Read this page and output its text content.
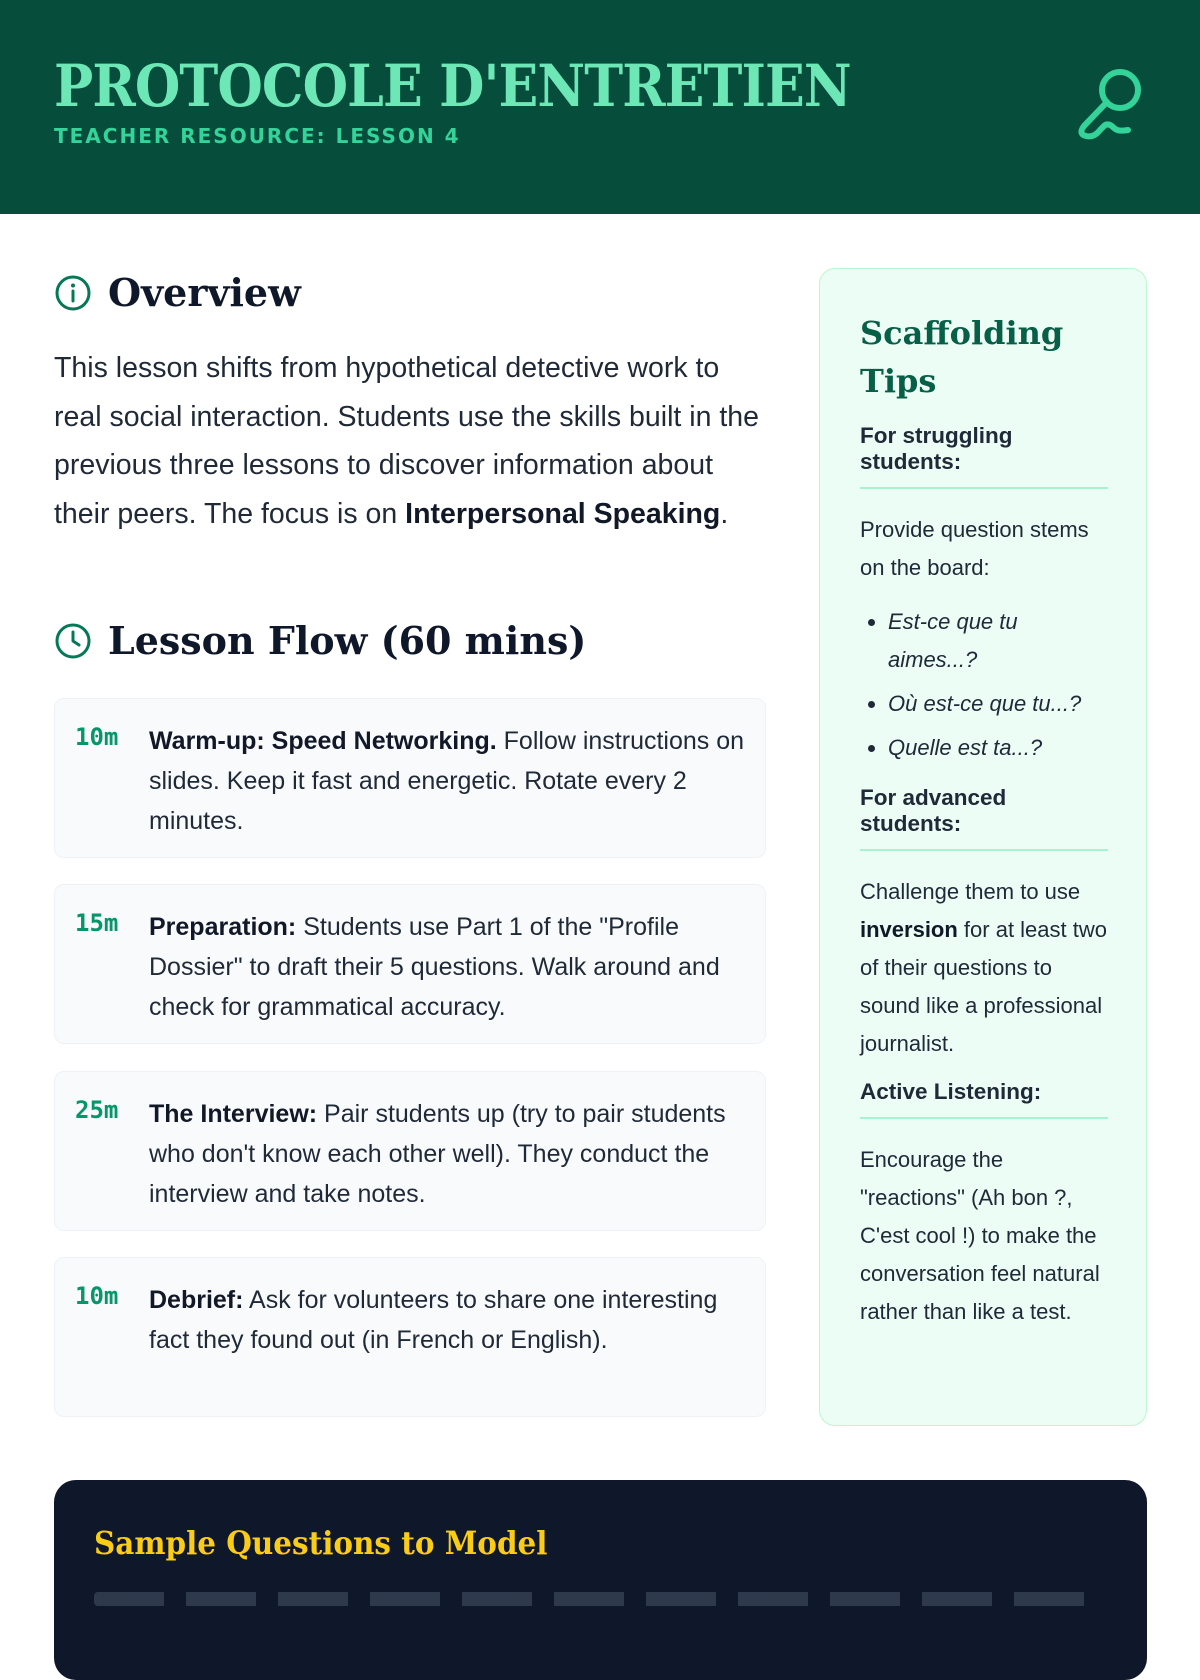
PROTOCOLE D'ENTRETIEN
TEACHER RESOURCE: LESSON 4
Overview

This lesson shifts from hypothetical detective work to real social interaction. Students use the skills built in the previous three lessons to discover information about their peers. The focus is on Interpersonal Speaking.

Lesson Flow (60 mins)
10m Warm-up: Speed Networking. Follow instructions on slides. Keep it fast and energetic. Rotate every 2 minutes.

15m Preparation: Students use Part 1 of the "Profile Dossier" to draft their 5 questions. Walk around and check for grammatical accuracy.

25m The Interview: Pair students up (try to pair students who don't know each other well). They conduct the interview and take notes.

10m Debrief: Ask for volunteers to share one interesting fact they found out (in French or English).

Scaffolding Tips
For struggling students:

Provide question stems on the board:

• Est-ce que tu aimes...?
• Où est-ce que tu...?
• Quelle est ta...?
For advanced students:

Challenge them to use inversion for at least two of their questions to sound like a professional journalist.

Active Listening:

Encourage the "reactions" (Ah bon ?, C'est cool !) to make the conversation feel natural rather than like a test.

Sample Questions to Model
